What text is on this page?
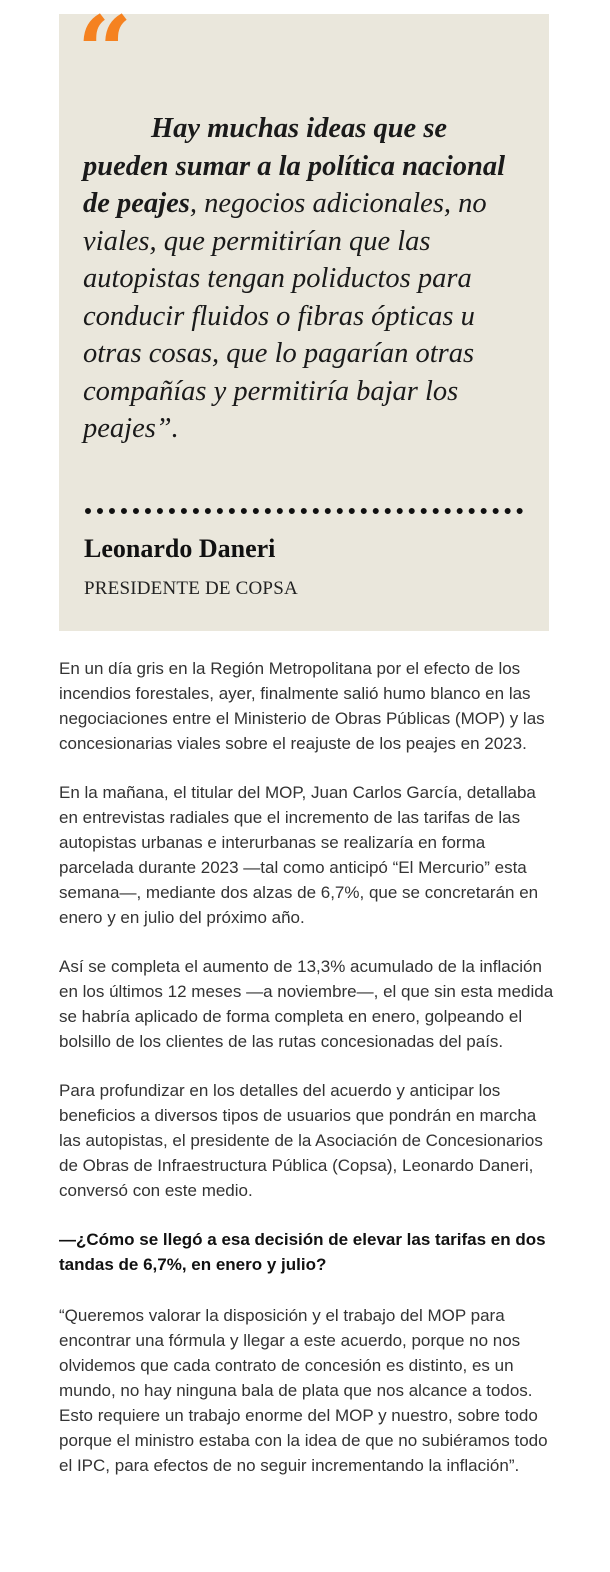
“

Hay muchas ideas que se pueden sumar a la política nacional de peajes, negocios adicionales, no viales, que permitirían que las autopistas tengan poliductos para conducir fluidos o fibras ópticas u otras cosas, que lo pagarían otras compañías y permitiría bajar los peajes”.

Leonardo Daneri
PRESIDENTE DE COPSA

En un día gris en la Región Metropolitana por el efecto de los incendios forestales, ayer, finalmente salió humo blanco en las negociaciones entre el Ministerio de Obras Públicas (MOP) y las concesionarias viales sobre el reajuste de los peajes en 2023.

En la mañana, el titular del MOP, Juan Carlos García, detallaba en entrevistas radiales que el incremento de las tarifas de las autopistas urbanas e interurbanas se realizaría en forma parcelada durante 2023 —tal como anticipó “El Mercurio” esta semana—, mediante dos alzas de 6,7%, que se concretarán en enero y en julio del próximo año.

Así se completa el aumento de 13,3% acumulado de la inflación en los últimos 12 meses —a noviembre—, el que sin esta medida se habría aplicado de forma completa en enero, golpeando el bolsillo de los clientes de las rutas concesionadas del país.

Para profundizar en los detalles del acuerdo y anticipar los beneficios a diversos tipos de usuarios que pondrán en marcha las autopistas, el presidente de la Asociación de Concesionarios de Obras de Infraestructura Pública (Copsa), Leonardo Daneri, conversó con este medio.

—¿Cómo se llegó a esa decisión de elevar las tarifas en dos tandas de 6,7%, en enero y julio?

“Queremos valorar la disposición y el trabajo del MOP para encontrar una fórmula y llegar a este acuerdo, porque no nos olvidemos que cada contrato de concesión es distinto, es un mundo, no hay ninguna bala de plata que nos alcance a todos. Esto requiere un trabajo enorme del MOP y nuestro, sobre todo porque el ministro estaba con la idea de que no subiéramos todo el IPC, para efectos de no seguir incrementando la inflación”.
